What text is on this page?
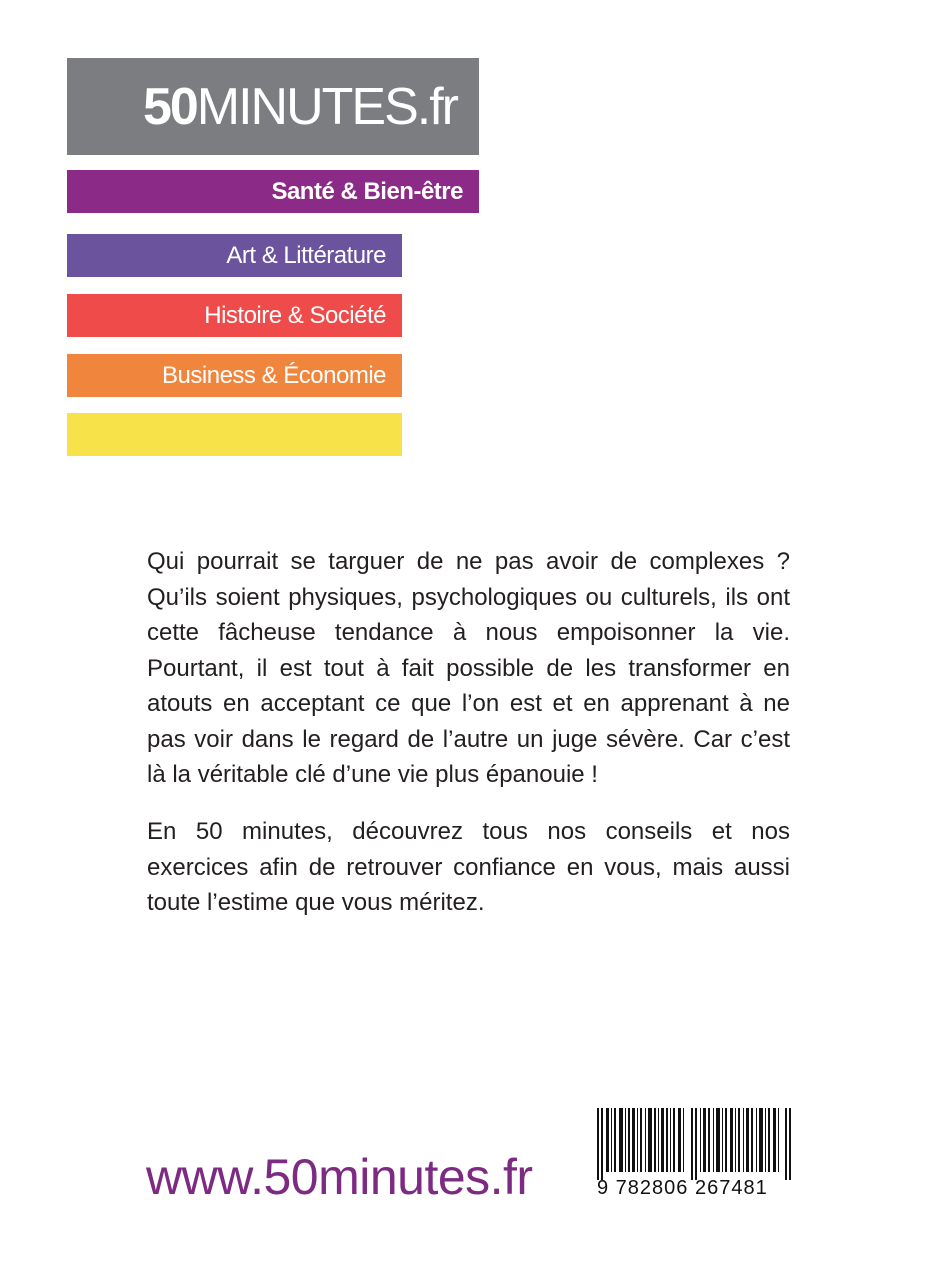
50 MINUTES.fr
Santé & Bien-être
Art & Littérature
Histoire & Société
Business & Économie

Qui pourrait se targuer de ne pas avoir de complexes ? Qu’ils soient physiques, psychologiques ou culturels, ils ont cette fâcheuse tendance à nous empoisonner la vie. Pourtant, il est tout à fait possible de les transformer en atouts en acceptant ce que l’on est et en apprenant à ne pas voir dans le regard de l’autre un juge sévère. Car c’est là la véritable clé d’une vie plus épanouie !

En 50 minutes, découvrez tous nos conseils et nos exercices afin de retrouver confiance en vous, mais aussi toute l’estime que vous méritez.

www.50minutes.fr	9 782806 267481
